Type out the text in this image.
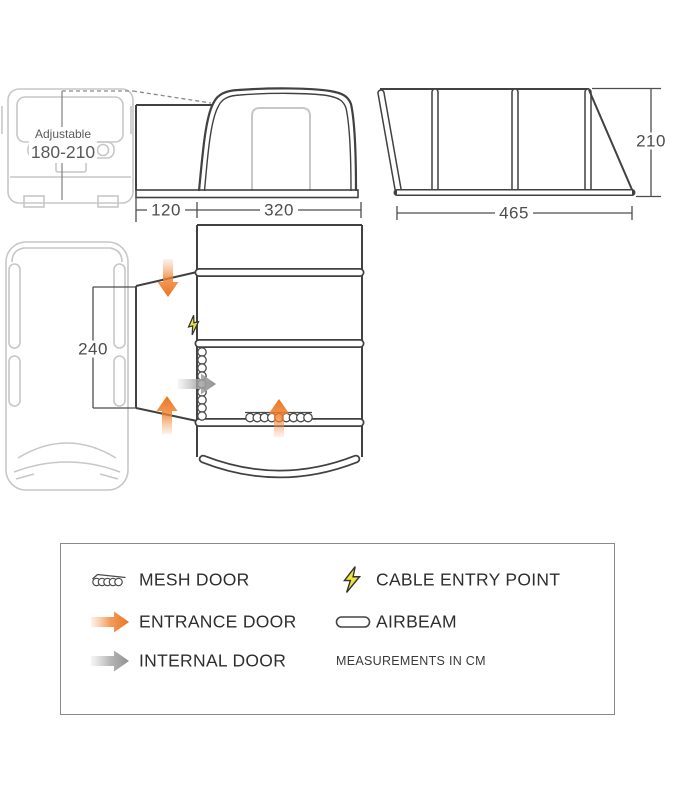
Adjustable
180-210
120	320	465
210
240
MESH DOOR
ENTRANCE DOOR
INTERNAL DOOR
CABLE ENTRY POINT
AIRBEAM
MEASUREMENTS IN CM
